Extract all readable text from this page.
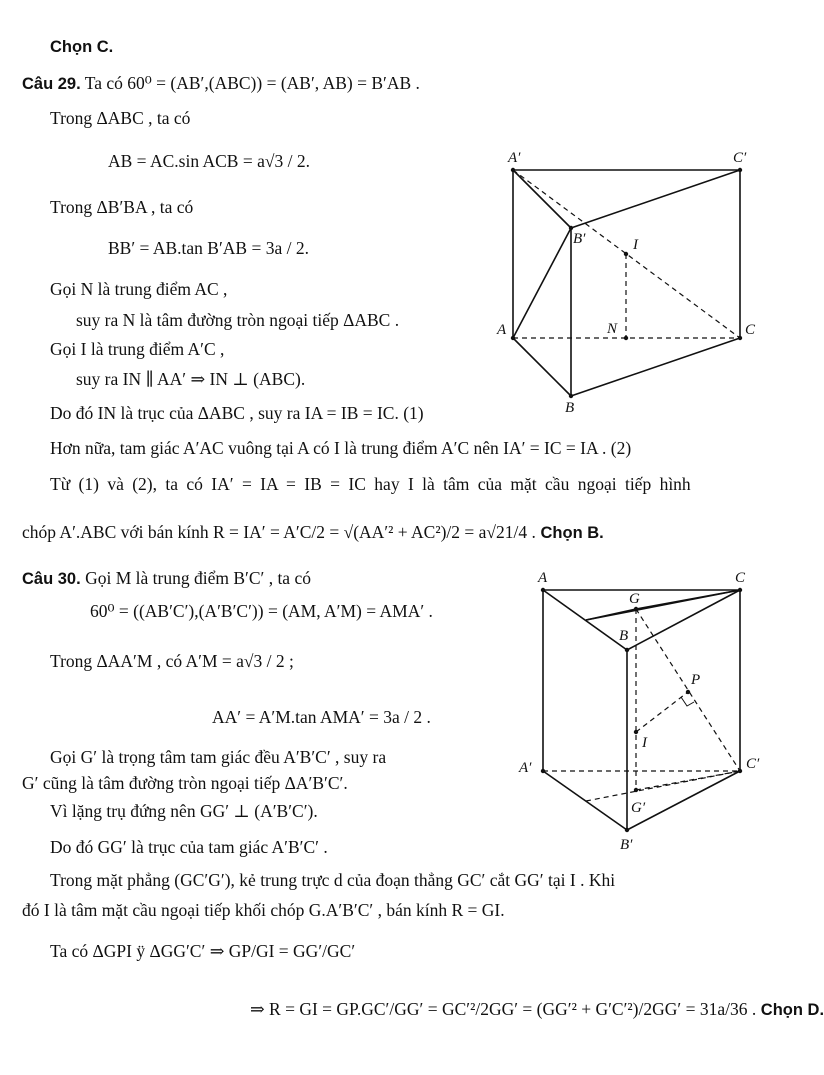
Chọn C.
Câu 29. Ta có 60⁰ = (AB′,(ABC)) = (AB′, AB) = B′AB .
Trong ΔABC , ta có
AB = AC.sin ACB = a√3 / 2.
Trong ΔB′BA , ta có
BB′ = AB.tan B′AB = 3a / 2.
Gọi N là trung điểm AC ,
suy ra N là tâm đường tròn ngoại tiếp ΔABC .
Gọi I là trung điểm A′C ,
suy ra IN ∥ AA′ ⇒ IN ⊥ (ABC).
Do đó IN là trục của ΔABC , suy ra IA = IB = IC. (1)
Hơn nữa, tam giác A′AC vuông tại A có I là trung điểm A′C nên IA′ = IC = IA . (2)
Từ (1) và (2), ta có IA′ = IA = IB = IC hay I là tâm của mặt cầu ngoại tiếp hình
chóp A′.ABC với bán kính R = IA′ = A′C/2 = √(AA′² + AC²)/2 = a√21/4 . Chọn B.
Câu 30. Gọi M là trung điểm B′C′ , ta có
60⁰ = ((AB′C′),(A′B′C′)) = (AM, A′M) = AMA′ .
Trong ΔAA′M , có A′M = a√3 / 2 ;
AA′ = A′M.tan AMA′ = 3a / 2 .
Gọi G′ là trọng tâm tam giác đều A′B′C′ , suy ra
G′ cũng là tâm đường tròn ngoại tiếp ΔA′B′C′.
Vì lặng trụ đứng nên GG′ ⊥ (A′B′C′).
Do đó GG′ là trục của tam giác A′B′C′ .
Trong mặt phẳng (GC′G′), kẻ trung trực d của đoạn thẳng GC′ cắt GG′ tại I . Khi
đó I là tâm mặt cầu ngoại tiếp khối chóp G.A′B′C′ , bán kính R = GI.
Ta có ΔGPI ÿ ΔGG′C′ ⇒ GP/GI = GG′/GC′
⇒ R = GI = GP.GC′/GG′ = GC′²/2GG′ = (GG′² + G′C′²)/2GG′ = 31a/36 . Chọn D.
A′	C′
B′	I
A	N	C
B
A	C
G
B
P
I
A′	C′
G′
B′
